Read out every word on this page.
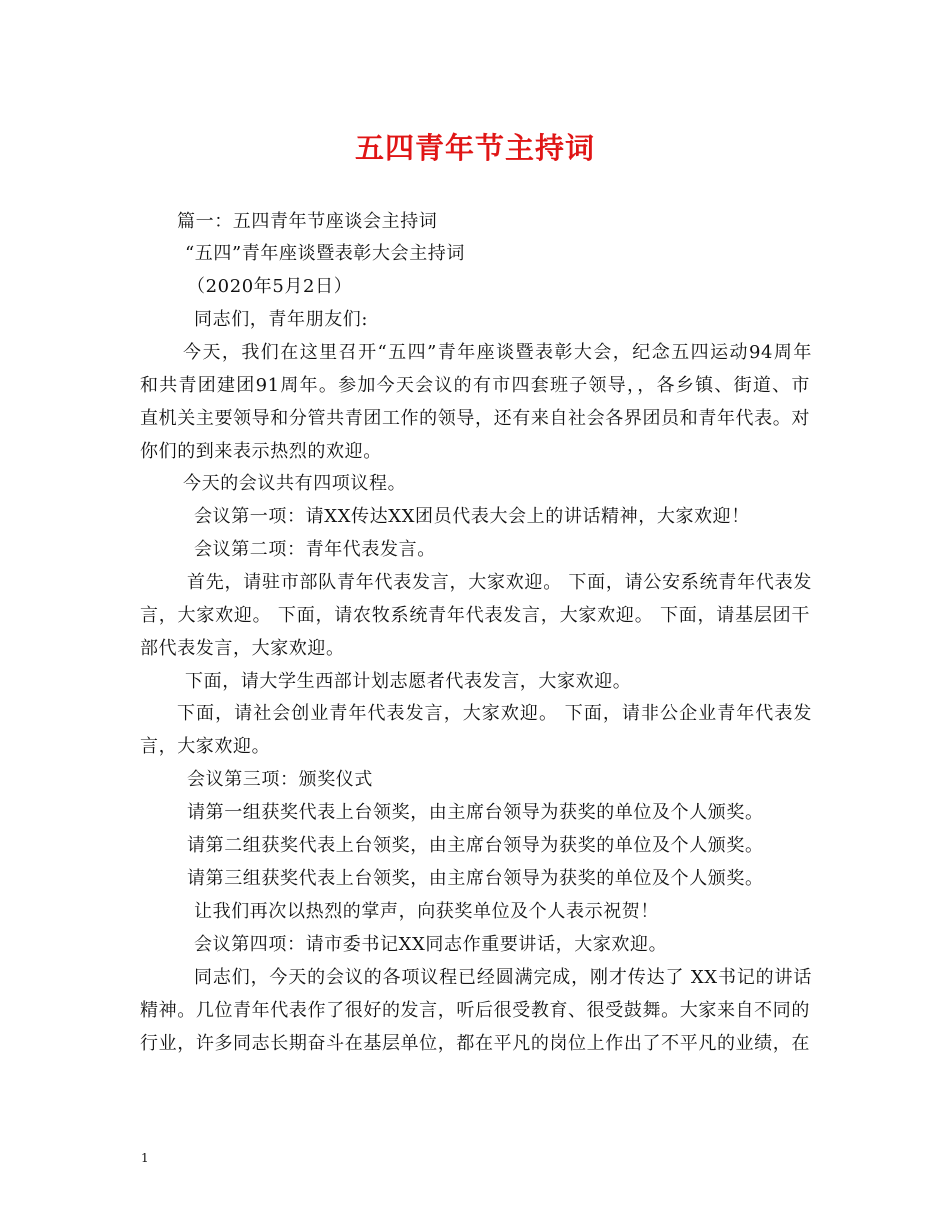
五四青年节主持词
篇一：五四青年节座谈会主持词
“五四”青年座谈暨表彰大会主持词
（2020年5月2日）
同志们，青年朋友们:
今天，我们在这里召开“五四”青年座谈暨表彰大会，纪念五四运动94周年
和共青团建团91周年。参加今天会议的有市四套班子领导，，各乡镇、街道、市
直机关主要领导和分管共青团工作的领导，还有来自社会各界团员和青年代表。对
你们的到来表示热烈的欢迎。
今天的会议共有四项议程。
会议第一项：请XX传达XX团员代表大会上的讲话精神，大家欢迎！
会议第二项：青年代表发言。
首先，请驻市部队青年代表发言，大家欢迎。 下面，请公安系统青年代表发
言，大家欢迎。 下面，请农牧系统青年代表发言，大家欢迎。 下面，请基层团干
部代表发言，大家欢迎。
下面，请大学生西部计划志愿者代表发言，大家欢迎。
下面，请社会创业青年代表发言，大家欢迎。 下面，请非公企业青年代表发
言，大家欢迎。
会议第三项：颁奖仪式
请第一组获奖代表上台领奖，由主席台领导为获奖的单位及个人颁奖。
请第二组获奖代表上台领奖，由主席台领导为获奖的单位及个人颁奖。
请第三组获奖代表上台领奖，由主席台领导为获奖的单位及个人颁奖。
让我们再次以热烈的掌声，向获奖单位及个人表示祝贺！
会议第四项：请市委书记XX同志作重要讲话，大家欢迎。
同志们，今天的会议的各项议程已经圆满完成，刚才传达了 XX书记的讲话
精神。几位青年代表作了很好的发言，听后很受教育、很受鼓舞。大家来自不同的
行业，许多同志长期奋斗在基层单位，都在平凡的岗位上作出了不平凡的业绩，在
1
